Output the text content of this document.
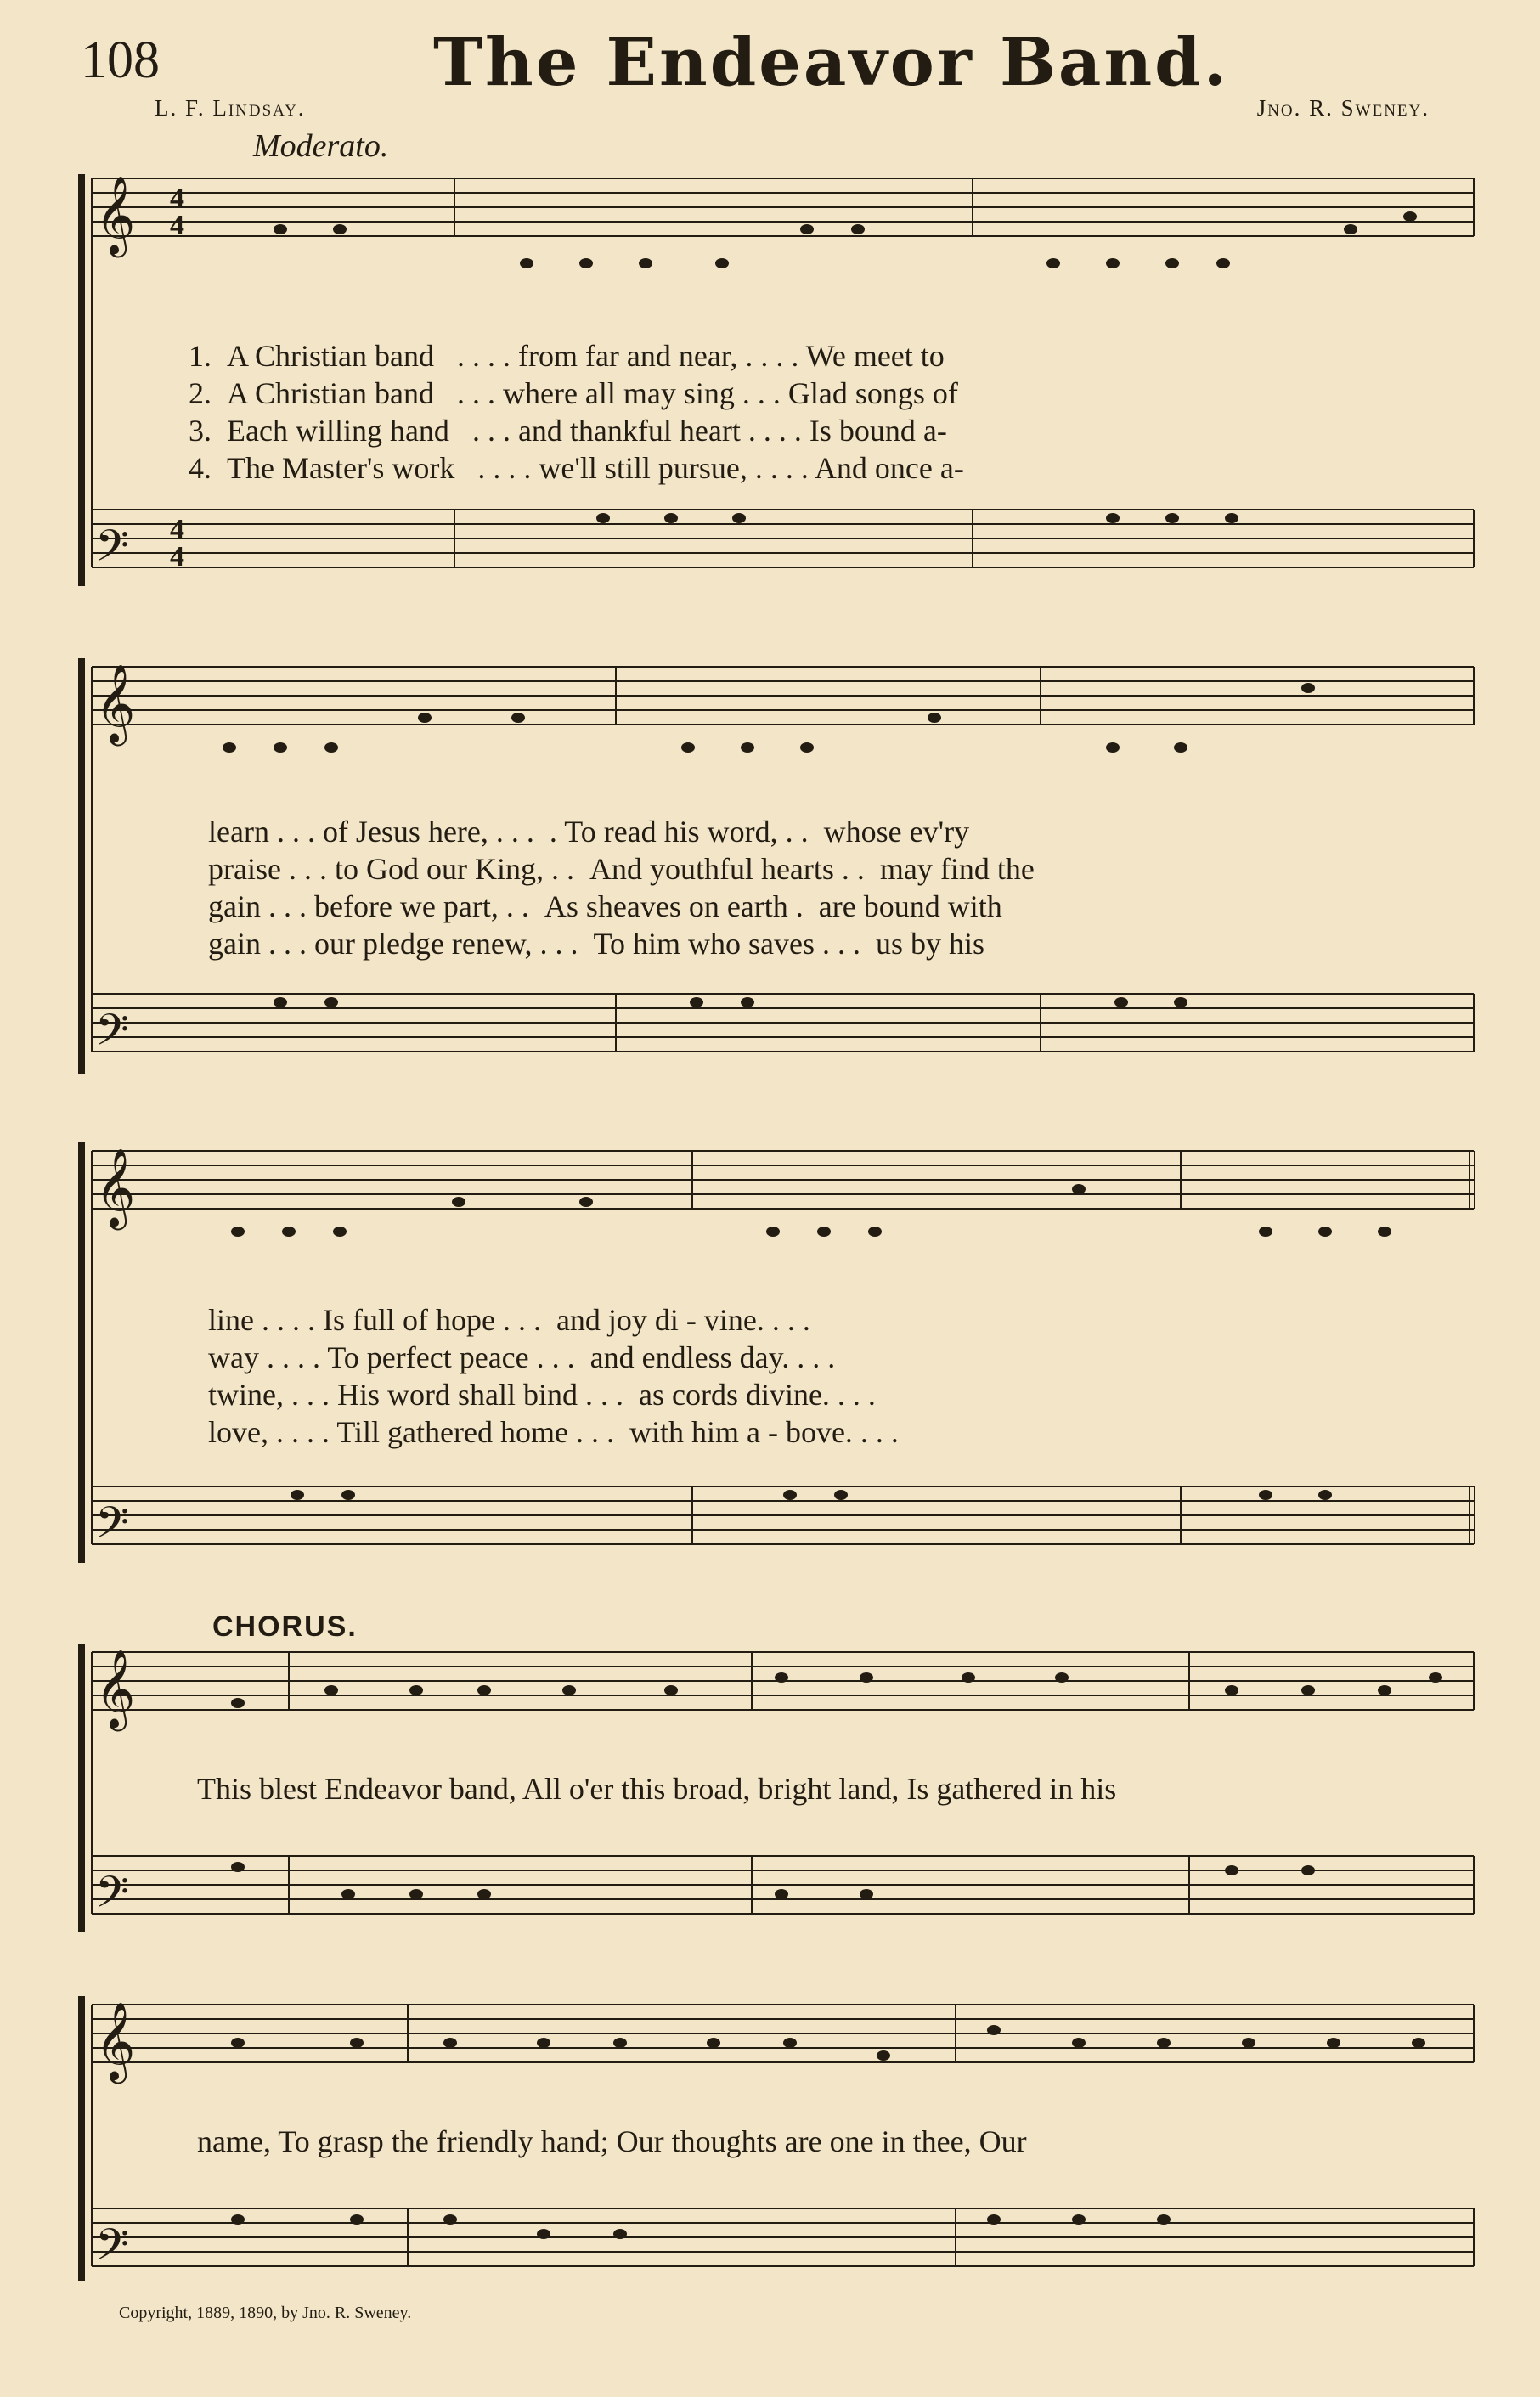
108	The Endeavor Band.
L. F. Lindsay.	Jno. R. Sweney.
Moderato.
𝄞
𝄢
4
4
4
4
1. A Christian band . . . . from far and near, . . . . We meet to
2. A Christian band . . . where all may sing . . . Glad songs of
3. Each willing hand . . . and thankful heart . . . . Is bound a-
4. The Master's work . . . . we'll still pursue, . . . . And once a-
𝄞
𝄢
learn . . . of Jesus here, . . . . To read his word, . . whose ev'ry
praise . . . to God our King, . . And youthful hearts . . may find the
gain . . . before we part, . . As sheaves on earth . are bound with
gain . . . our pledge renew, . . . To him who saves . . . us by his
𝄞
𝄢
line . . . . Is full of hope . . . and joy di - vine. . . .
way . . . . To perfect peace . . . and endless day. . . .
twine, . . . His word shall bind . . . as cords divine. . . .
love, . . . . Till gathered home . . . with him a - bove. . . .
CHORUS.
𝄞
𝄢
This blest Endeavor band, All o'er this broad, bright land, Is gathered in his
𝄞
𝄢
name, To grasp the friendly hand; Our thoughts are one in thee, Our
Copyright, 1889, 1890, by Jno. R. Sweney.
